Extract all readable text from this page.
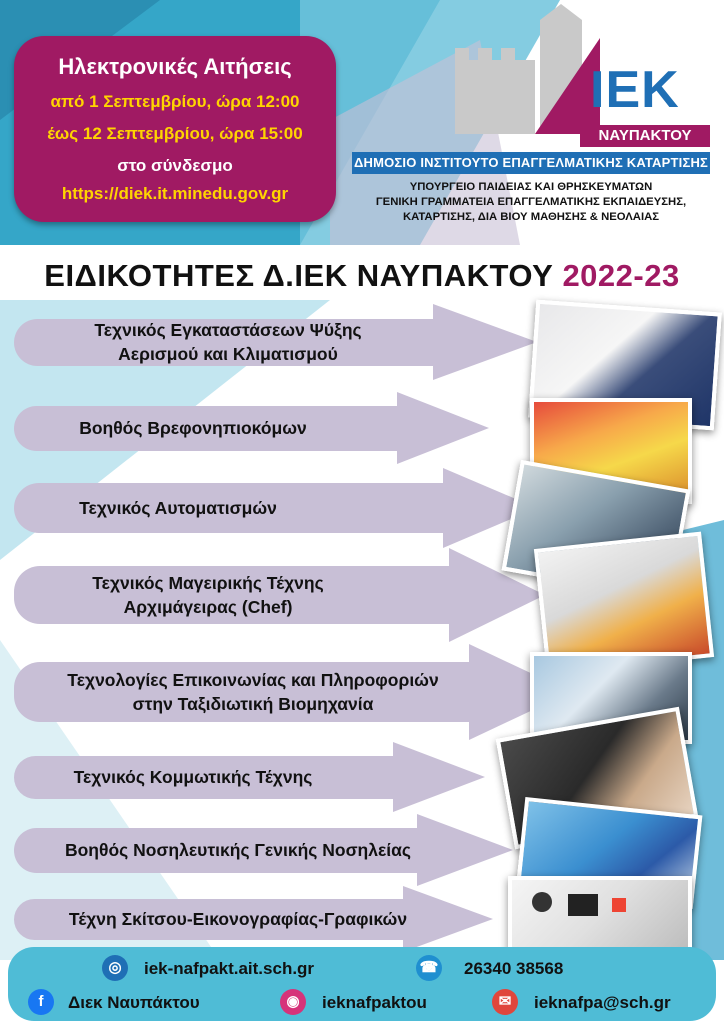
Ηλεκτρονικές Αιτήσεις
από 1 Σεπτεμβρίου, ώρα 12:00
έως 12 Σεπτεμβρίου, ώρα 15:00
στο σύνδεσμο
https://diek.it.minedu.gov.gr
ΙΕΚ
ΝΑΥΠΑΚΤΟΥ
ΔΗΜΟΣΙΟ ΙΝΣΤΙΤΟΥΤΟ ΕΠΑΓΓΕΛΜΑΤΙΚΗΣ ΚΑΤΑΡΤΙΣΗΣ
ΥΠΟΥΡΓΕΙΟ ΠΑΙΔΕΙΑΣ ΚΑΙ ΘΡΗΣΚΕΥΜΑΤΩΝ
ΓΕΝΙΚΗ ΓΡΑΜΜΑΤΕΙΑ ΕΠΑΓΓΕΛΜΑΤΙΚΗΣ ΕΚΠΑΙΔΕΥΣΗΣ,
ΚΑΤΑΡΤΙΣΗΣ, ΔΙΑ ΒΙΟΥ ΜΑΘΗΣΗΣ & ΝΕΟΛΑΙΑΣ
ΕΙΔΙΚΟΤΗΤΕΣ Δ.ΙΕΚ ΝΑΥΠΑΚΤΟΥ 2022-23
Τεχνικός Εγκαταστάσεων Ψύξης
Αερισμού και Κλιματισμού
Βοηθός Βρεφονηπιοκόμων
Τεχνικός Αυτοματισμών
Τεχνικός Μαγειρικής Τέχνης
Αρχιμάγειρας (Chef)
Τεχνολογίες Επικοινωνίας και Πληροφοριών
στην Ταξιδιωτική Βιομηχανία
Τεχνικός Κομμωτικής Τέχνης
Βοηθός Νοσηλευτικής Γενικής Νοσηλείας
Τέχνη Σκίτσου-Εικονογραφίας-Γραφικών
◎	iek-nafpakt.ait.sch.gr	☎ 26340 38568
f	Διεκ Ναυπάκτου	◉	ieknafpaktou	✉	ieknafpa@sch.gr
